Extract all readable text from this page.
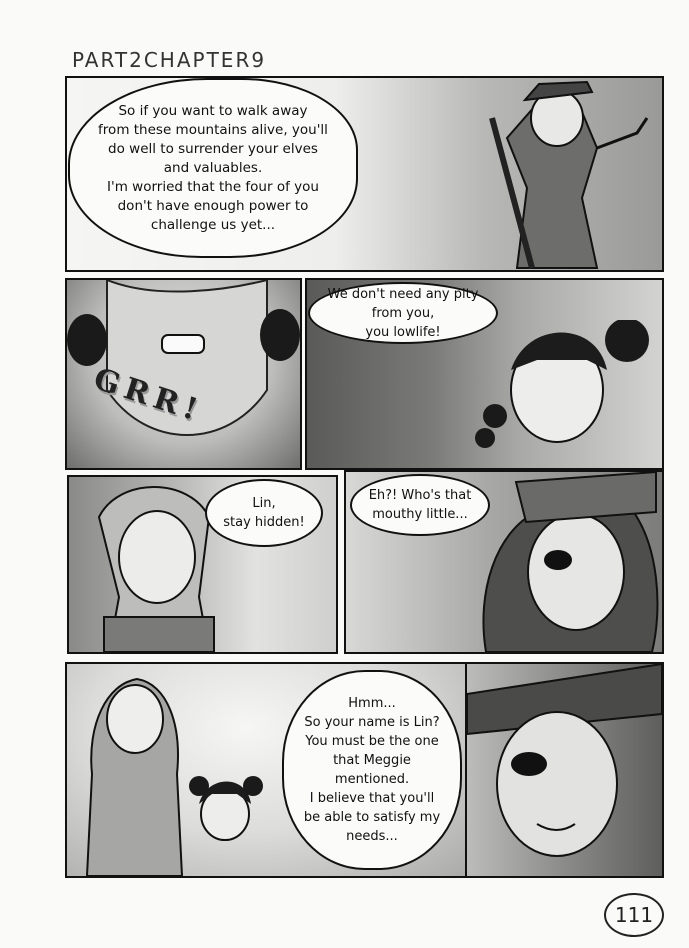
PART2CHAPTER9
So if you want to walk away
from these mountains alive, you'll
do well to surrender your elves
and valuables.
I'm worried that the four of you
don't have enough power to
challenge us yet...
GRR!
We don't need any pity from you,
you lowlife!
Lin,
stay hidden!
Eh?! Who's that
mouthy little...
Hmm...
So your name is Lin?
You must be the one
that Meggie
mentioned.
I believe that you'll
be able to satisfy my
needs...
111
